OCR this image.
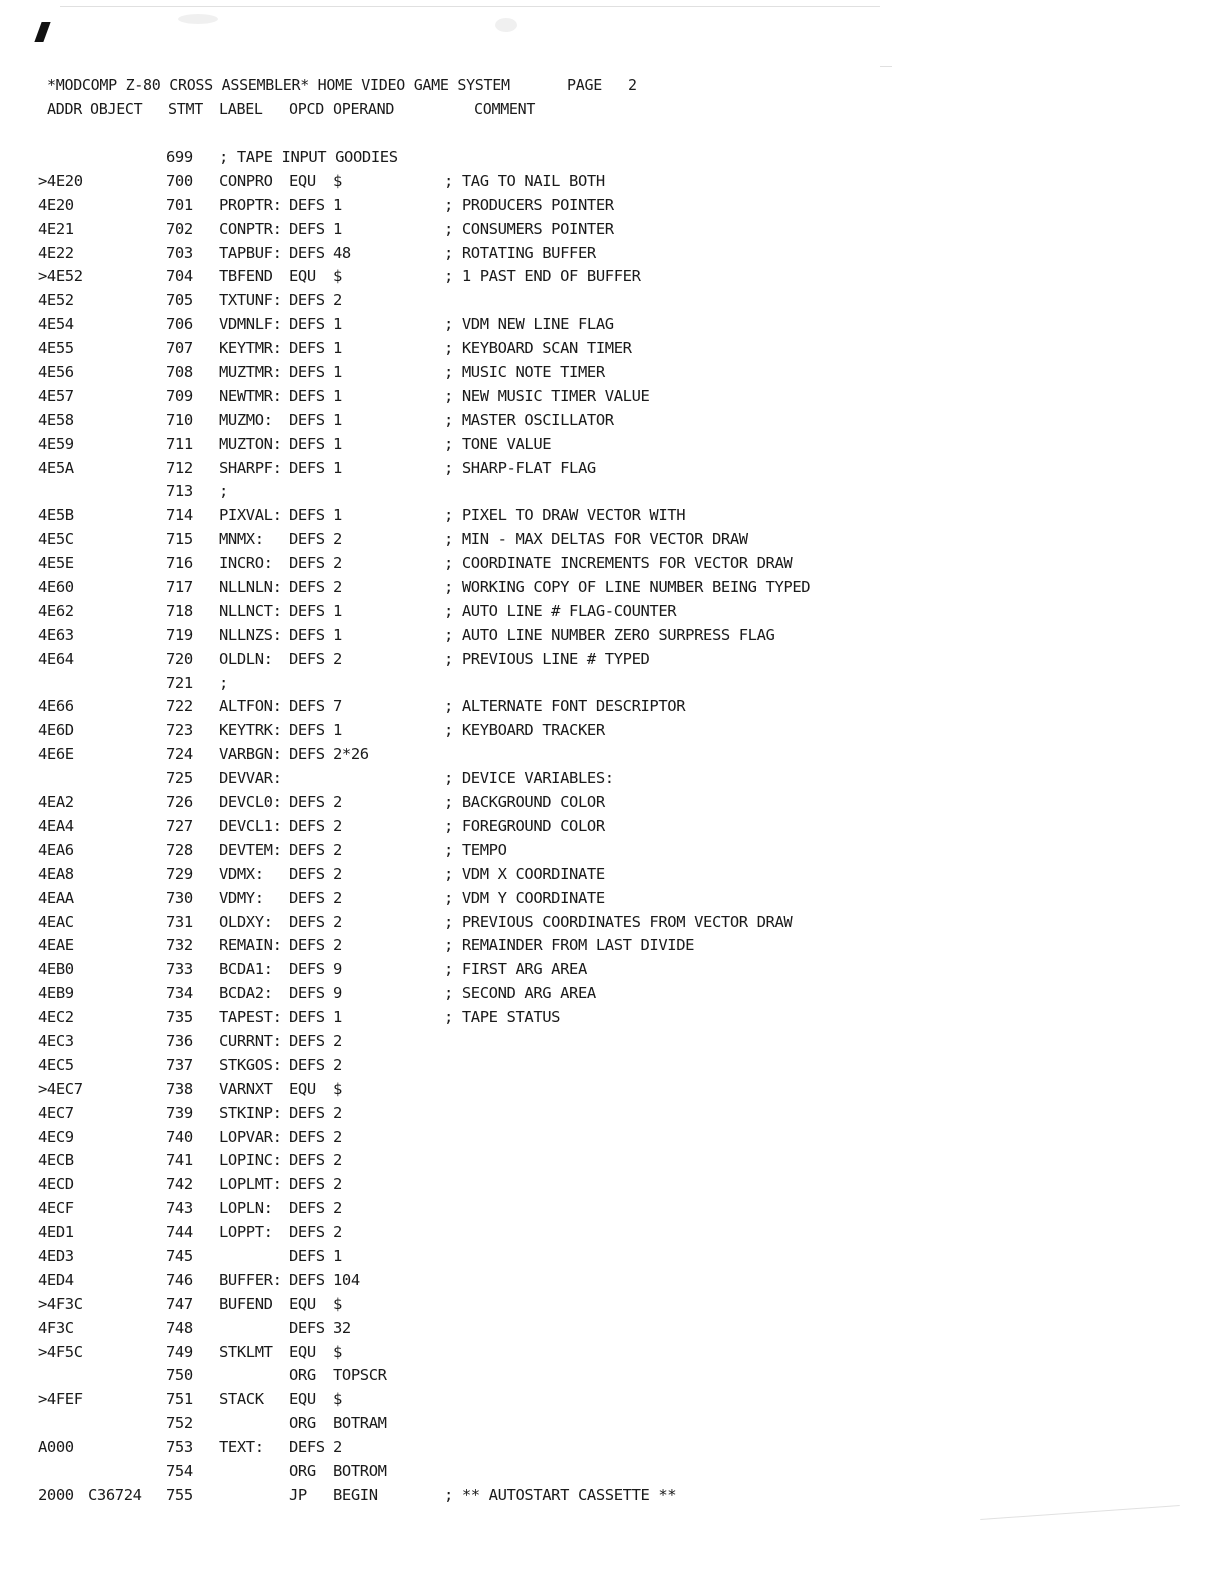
*MODCOMP Z-80 CROSS ASSEMBLER* HOME VIDEO GAME SYSTEM	PAGE 2
ADDR OBJECT STMT LABEL OPCD OPERAND	COMMENT
699 ; TAPE INPUT GOODIES
>4E20	700 CONPRO EQU $	; TAG TO NAIL BOTH
4E20	701 PROPTR: DEFS 1	; PRODUCERS POINTER
4E21	702 CONPTR: DEFS 1	; CONSUMERS POINTER
4E22	703 TAPBUF: DEFS 48	; ROTATING BUFFER
>4E52	704 TBFEND EQU $	; 1 PAST END OF BUFFER
4E52	705 TXTUNF: DEFS 2
4E54	706 VDMNLF: DEFS 1	; VDM NEW LINE FLAG
4E55	707 KEYTMR: DEFS 1	; KEYBOARD SCAN TIMER
4E56	708 MUZTMR: DEFS 1	; MUSIC NOTE TIMER
4E57	709 NEWTMR: DEFS 1	; NEW MUSIC TIMER VALUE
4E58	710 MUZMO: DEFS 1	; MASTER OSCILLATOR
4E59	711 MUZTON: DEFS 1	; TONE VALUE
4E5A	712 SHARPF: DEFS 1	; SHARP-FLAT FLAG
713 ;
4E5B	714 PIXVAL: DEFS 1	; PIXEL TO DRAW VECTOR WITH
4E5C	715 MNMX: DEFS 2	; MIN - MAX DELTAS FOR VECTOR DRAW
4E5E	716 INCRO: DEFS 2	; COORDINATE INCREMENTS FOR VECTOR DRAW
4E60	717 NLLNLN: DEFS 2	; WORKING COPY OF LINE NUMBER BEING TYPED
4E62	718 NLLNCT: DEFS 1	; AUTO LINE # FLAG-COUNTER
4E63	719 NLLNZS: DEFS 1	; AUTO LINE NUMBER ZERO SURPRESS FLAG
4E64	720 OLDLN: DEFS 2	; PREVIOUS LINE # TYPED
721 ;
4E66	722 ALTFON: DEFS 7	; ALTERNATE FONT DESCRIPTOR
4E6D	723 KEYTRK: DEFS 1	; KEYBOARD TRACKER
4E6E	724 VARBGN: DEFS 2*26
725 DEVVAR:	; DEVICE VARIABLES:
4EA2	726 DEVCL0: DEFS 2	; BACKGROUND COLOR
4EA4	727 DEVCL1: DEFS 2	; FOREGROUND COLOR
4EA6	728 DEVTEM: DEFS 2	; TEMPO
4EA8	729 VDMX: DEFS 2	; VDM X COORDINATE
4EAA	730 VDMY: DEFS 2	; VDM Y COORDINATE
4EAC	731 OLDXY: DEFS 2	; PREVIOUS COORDINATES FROM VECTOR DRAW
4EAE	732 REMAIN: DEFS 2	; REMAINDER FROM LAST DIVIDE
4EB0	733 BCDA1: DEFS 9	; FIRST ARG AREA
4EB9	734 BCDA2: DEFS 9	; SECOND ARG AREA
4EC2	735 TAPEST: DEFS 1	; TAPE STATUS
4EC3	736 CURRNT: DEFS 2
4EC5	737 STKGOS: DEFS 2
>4EC7	738 VARNXT EQU $
4EC7	739 STKINP: DEFS 2
4EC9	740 LOPVAR: DEFS 2
4ECB	741 LOPINC: DEFS 2
4ECD	742 LOPLMT: DEFS 2
4ECF	743 LOPLN: DEFS 2
4ED1	744 LOPPT: DEFS 2
4ED3	745	DEFS 1
4ED4	746 BUFFER: DEFS 104
>4F3C	747 BUFEND EQU $
4F3C	748	DEFS 32
>4F5C	749 STKLMT EQU $
750	ORG TOPSCR
>4FEF	751 STACK EQU $
752	ORG BOTRAM
A000	753 TEXT: DEFS 2
754	ORG BOTROM
2000 C36724 755	JP BEGIN	; ** AUTOSTART CASSETTE **
